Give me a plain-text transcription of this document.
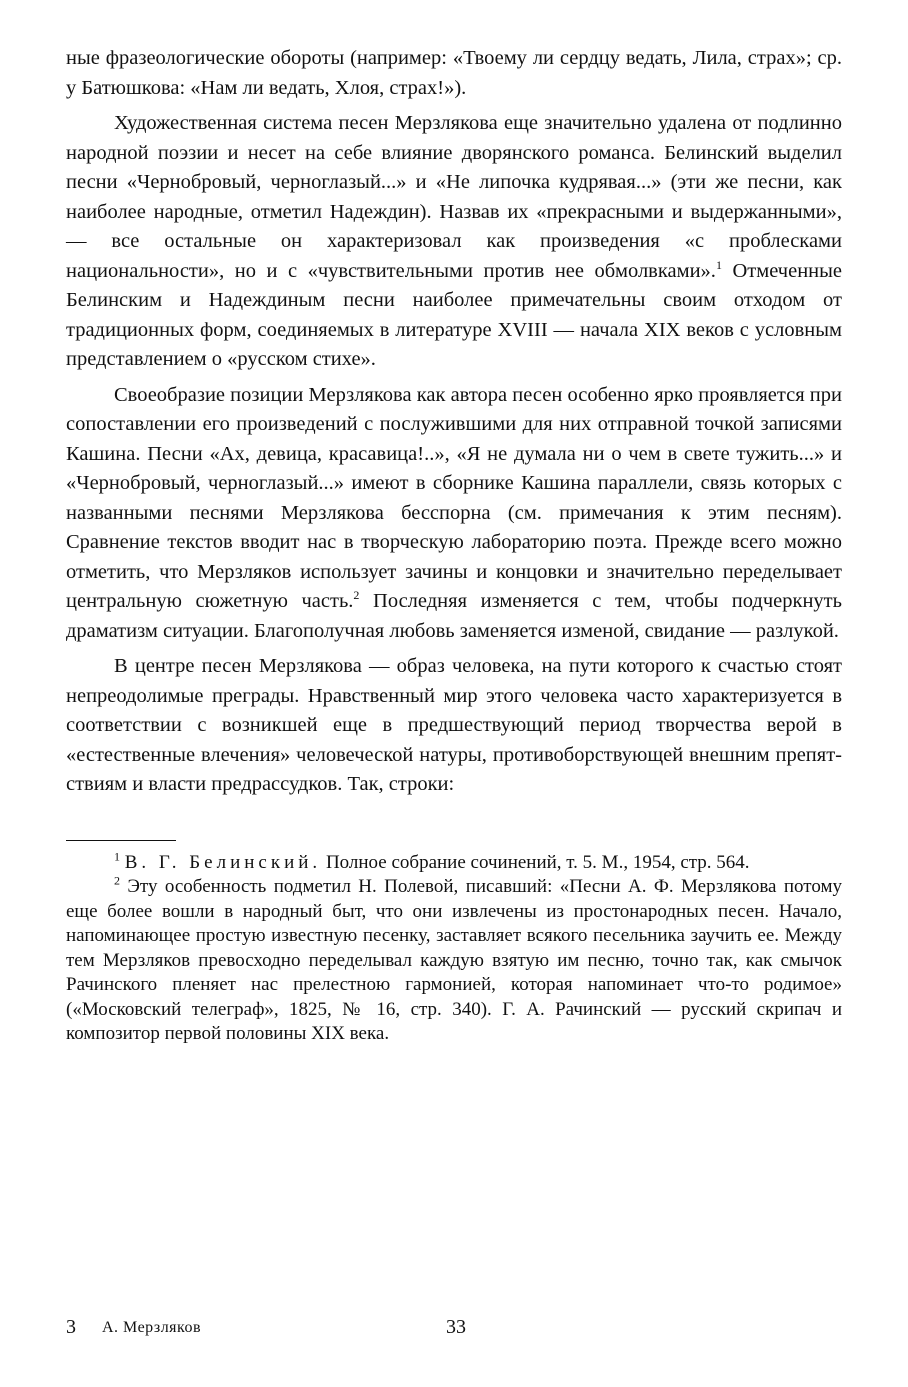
ные фразеологические обороты (например: «Твоему ли сердцу ведать, Лила, страх»; ср. у Батюшкова: «Нам ли ведать, Хлоя, страх!»).

Художественная система песен Мерзлякова еще значительно удалена от подлинно народной поэзии и несет на себе влияние дворянского романса. Белинский выделил песни «Чернобровый, черноглазый...» и «Не липочка кудрявая...» (эти же песни, как наиболее народные, отметил Надеждин). Назвав их «прекрасными и выдержанными», — все остальные он характеризовал как произведения «с проблесками национальности», но и с «чувствительными против нее обмолвками».$^1$ Отмеченные Белинским и Надеждиным песни наиболее примечательны своим отходом от традиционных форм, соединяемых в литературе XVIII — начала XIX веков с условным представлением о «русском стихе».

Своеобразие позиции Мерзлякова как автора песен особенно ярко проявляется при сопоставлении его произведений с послужившими для них отправной точкой записями Кашина. Песни «Ах, девица, красавица!..», «Я не думала ни о чем в свете тужить...» и «Чернобровый, черноглазый...» имеют в сборнике Кашина параллели, связь которых с названными песнями Мерзлякова бесспорна (см. примечания к этим песням). Сравнение текстов вводит нас в творческую лабораторию поэта. Прежде всего можно отметить, что Мерзляков использует зачины и концовки и значительно переделывает центральную сюжетную часть.$^2$ Последняя изменяется с тем, чтобы подчеркнуть драматизм ситуации. Благополучная любовь заменяется изменой, свидание — разлукой.

В центре песен Мерзлякова — образ человека, на пути которого к счастью стоят непреодолимые преграды. Нравственный мир этого человека часто характеризуется в соответствии с возникшей еще в предшествующий период творчества верой в «естественные влечения» человеческой натуры, противоборствующей внешним препятствиям и власти предрассудков. Так, строки:

$^1$ В. Г. Белинский. Полное собрание сочинений, т. 5. М., 1954, стр. 564.

$^2$ Эту особенность подметил Н. Полевой, писавший: «Песни А. Ф. Мерзлякова потому еще более вошли в народный быт, что они извлечены из простонародных песен. Начало, напоминающее простую известную песенку, заставляет всякого песельника заучить ее. Между тем Мерзляков превосходно переделывал каждую взятую им песню, точно так, как смычок Рачинского пленяет нас прелестною гармонией, которая напоминает что-то родимое» («Московский телеграф», 1825, № 16, стр. 340). Г. А. Рачинский — русский скрипач и композитор первой половины XIX века.

3 А. Мерзляков	33
